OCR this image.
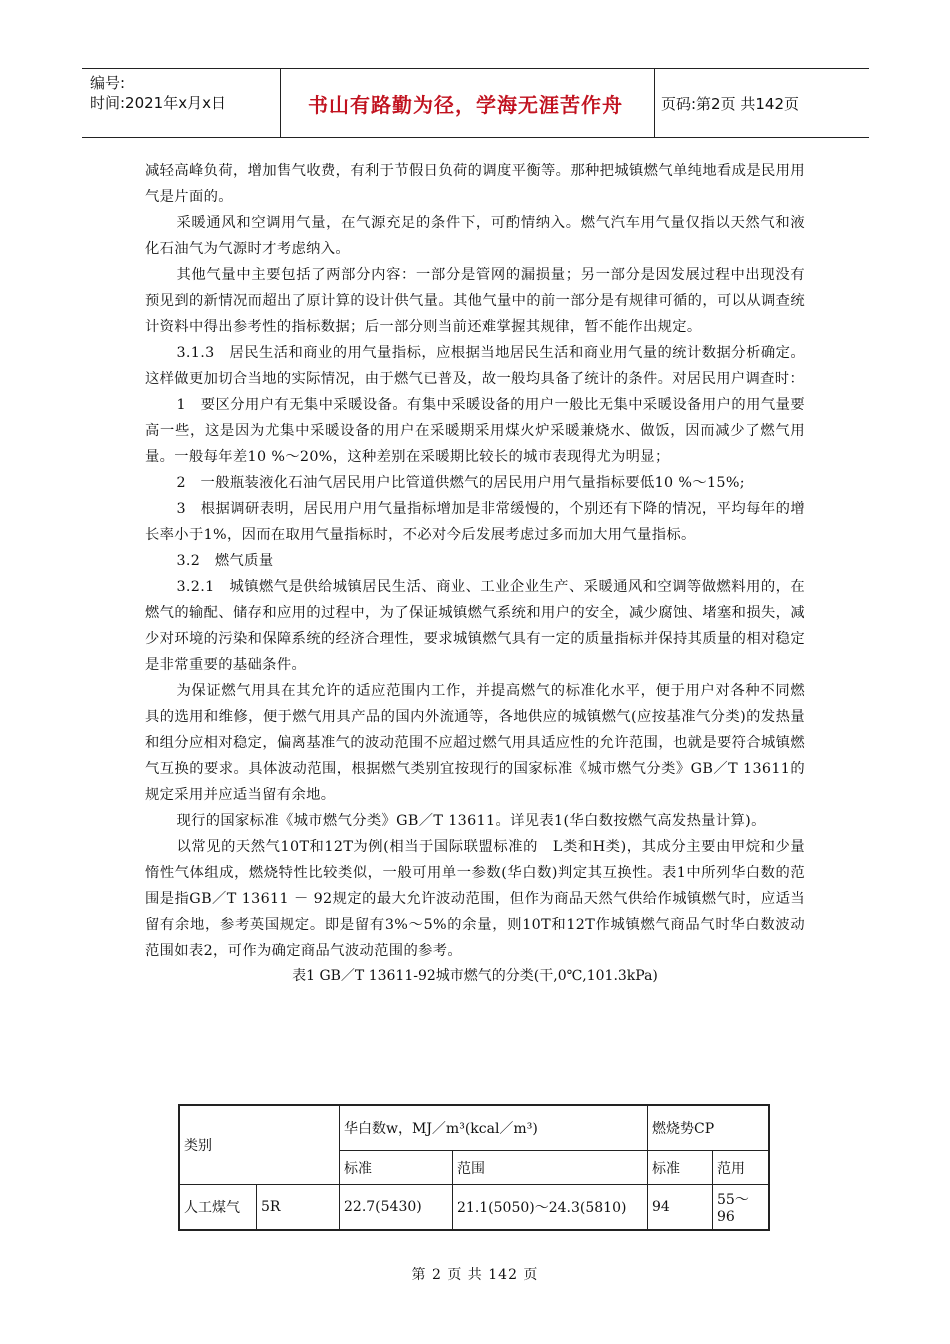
编号:
时间:2021年x月x日	书山有路勤为径，学海无涯苦作舟	页码:第2页 共142页

减轻高峰负荷，增加售气收费，有利于节假日负荷的调度平衡等。那种把城镇燃气单纯地看成是民用用气是片面的。

采暖通风和空调用气量，在气源充足的条件下，可酌情纳入。燃气汽车用气量仅指以天然气和液化石油气为气源时才考虑纳入。

其他气量中主要包括了两部分内容：一部分是管网的漏损量；另一部分是因发展过程中出现没有预见到的新情况而超出了原计算的设计供气量。其他气量中的前一部分是有规律可循的，可以从调查统计资料中得出参考性的指标数据；后一部分则当前还难掌握其规律，暂不能作出规定。

3.1.3　居民生活和商业的用气量指标，应根据当地居民生活和商业用气量的统计数据分析确定。这样做更加切合当地的实际情况，由于燃气已普及，故一般均具备了统计的条件。对居民用户调查时：

1　要区分用户有无集中采暖设备。有集中采暖设备的用户一般比无集中采暖设备用户的用气量要高一些，这是因为尤集中采暖设备的用户在采暖期采用煤火炉采暖兼烧水、做饭，因而减少了燃气用量。一般每年差10 %～20%，这种差别在采暖期比较长的城市表现得尤为明显；

2　一般瓶装液化石油气居民用户比管道供燃气的居民用户用气量指标要低10 %～15%;

3　根据调研表明，居民用户用气量指标增加是非常缓慢的，个别还有下降的情况，平均每年的增长率小于1%，因而在取用气量指标时，不必对今后发展考虑过多而加大用气量指标。

3.2　燃气质量

3.2.1　城镇燃气是供给城镇居民生活、商业、工业企业生产、采暖通风和空调等做燃料用的，在燃气的输配、储存和应用的过程中，为了保证城镇燃气系统和用户的安全，减少腐蚀、堵塞和损失，减少对环境的污染和保障系统的经济合理性，要求城镇燃气具有一定的质量指标并保持其质量的相对稳定是非常重要的基础条件。

为保证燃气用具在其允许的适应范围内工作，并提高燃气的标准化水平，便于用户对各种不同燃具的选用和维修，便于燃气用具产品的国内外流通等，各地供应的城镇燃气(应按基准气分类)的发热量和组分应相对稳定，偏离基准气的波动范围不应超过燃气用具适应性的允许范围，也就是要符合城镇燃气互换的要求。具体波动范围，根据燃气类别宜按现行的国家标准《城市燃气分类》GB／T 13611的规定采用并应适当留有余地。

现行的国家标准《城市燃气分类》GB／T 13611。详见表1(华白数按燃气高发热量计算)。

以常见的天然气10T和12T为例(相当于国际联盟标准的　L类和H类)，其成分主要由甲烷和少量惰性气体组成，燃烧特性比较类似，一般可用单一参数(华白数)判定其互换性。表1中所列华白数的范围是指GB／T 13611 － 92规定的最大允许波动范围，但作为商品天然气供给作城镇燃气时，应适当留有余地，参考英国规定。即是留有3%～5%的余量，则10T和12T作城镇燃气商品气时华白数波动范围如表2，可作为确定商品气波动范围的参考。

表1 GB／T 13611-92城市燃气的分类(干,0℃,101.3kPa)
类别		华白数w，MJ／m³(kcal／m³)		燃烧势CP	
		标准	范围	标准	范用
人工煤气	5R	22.7(5430)	21.1(5050)～24.3(5810)	94	55～96
第 2 页 共 142 页
